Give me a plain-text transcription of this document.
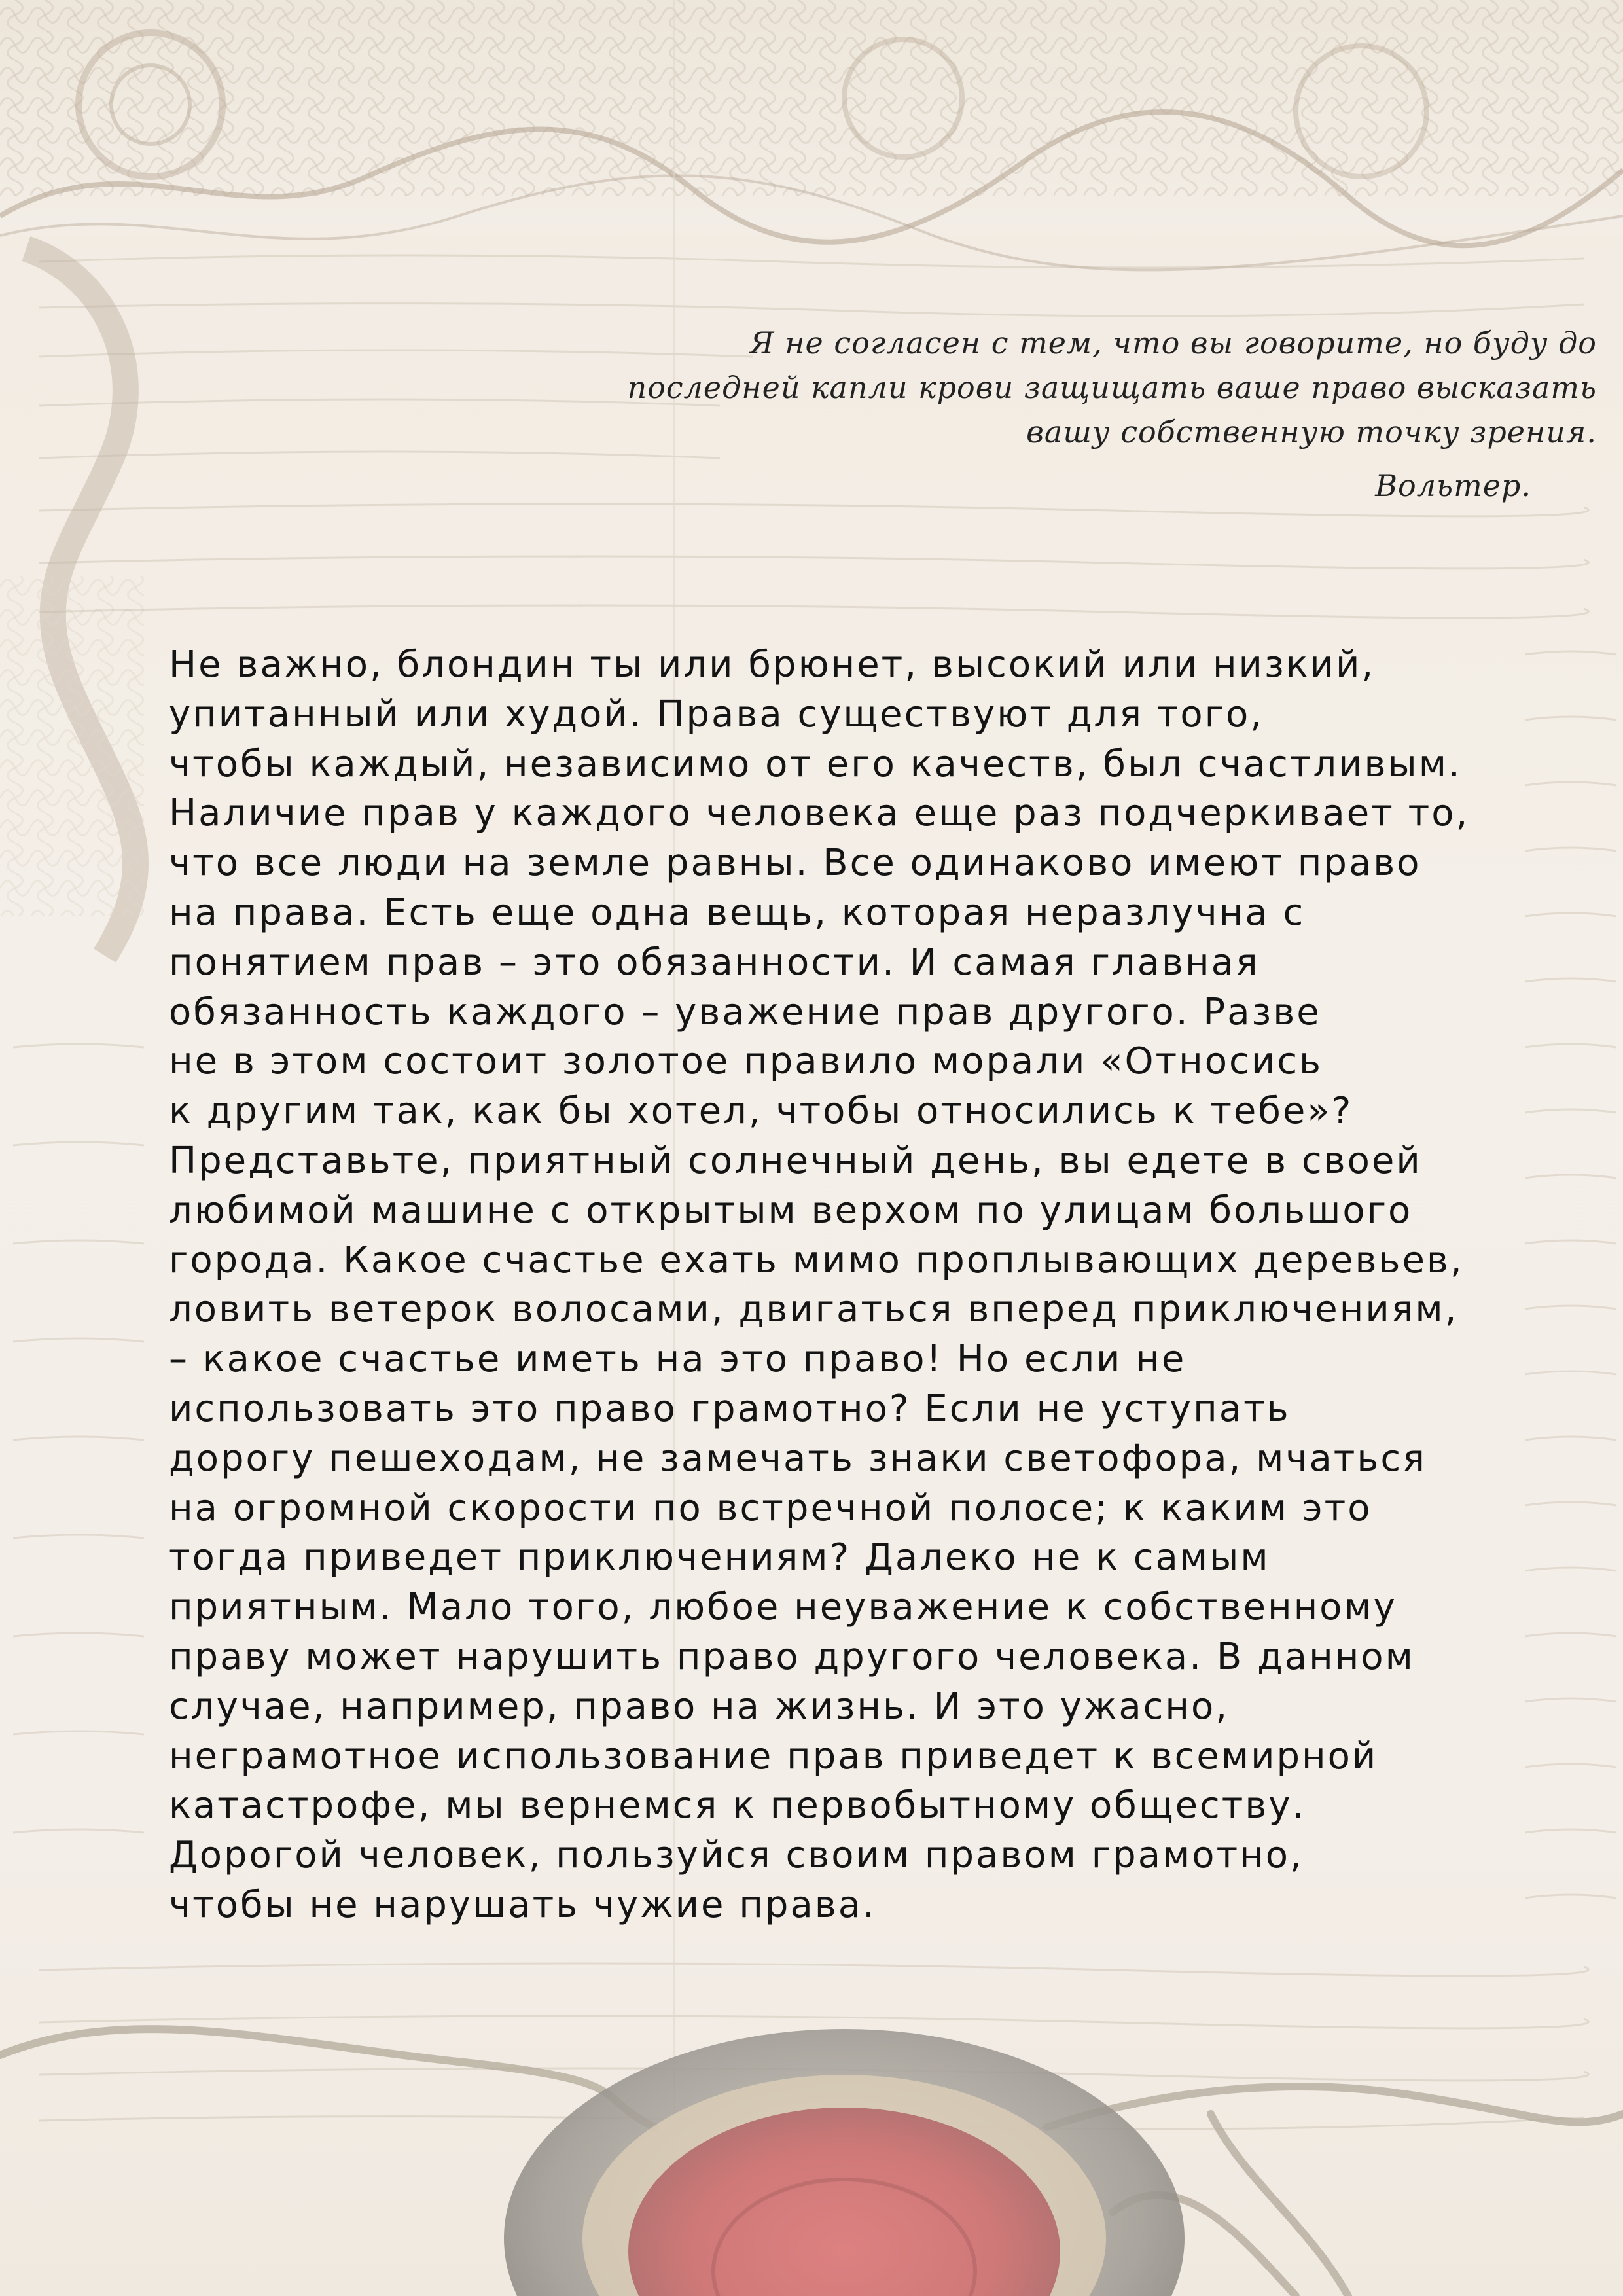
Я не согласен с тем, что вы говорите, но буду до последней капли крови защищать ваше право высказать вашу собственную точку зрения.

Вольтер.

Не важно, блондин ты или брюнет, высокий или низкий,
упитанный или худой. Права существуют для того,
чтобы каждый, независимо от его качеств, был счастливым.
Наличие прав у каждого человека еще раз подчеркивает то,
что все люди на земле равны. Все одинаково имеют право
на права. Есть еще одна вещь, которая неразлучна с
понятием прав – это обязанности. И самая главная
обязанность каждого – уважение прав другого. Разве
не в этом состоит золотое правило морали «Относись
к другим так, как бы хотел, чтобы относились к тебе»?
Представьте, приятный солнечный день, вы едете в своей
любимой машине с открытым верхом по улицам большого
города. Какое счастье ехать мимо проплывающих деревьев,
ловить ветерок волосами, двигаться вперед приключениям,
– какое счастье иметь на это право! Но если не
использовать это право грамотно? Если не уступать
дорогу пешеходам, не замечать знаки светофора, мчаться
на огромной скорости по встречной полосе; к каким это
тогда приведет приключениям? Далеко не к самым
приятным. Мало того, любое неуважение к собственному
праву может нарушить право другого человека. В данном
случае, например, право на жизнь. И это ужасно,
неграмотное использование прав приведет к всемирной
катастрофе, мы вернемся к первобытному обществу.
Дорогой человек, пользуйся своим правом грамотно,
чтобы не нарушать чужие права.
